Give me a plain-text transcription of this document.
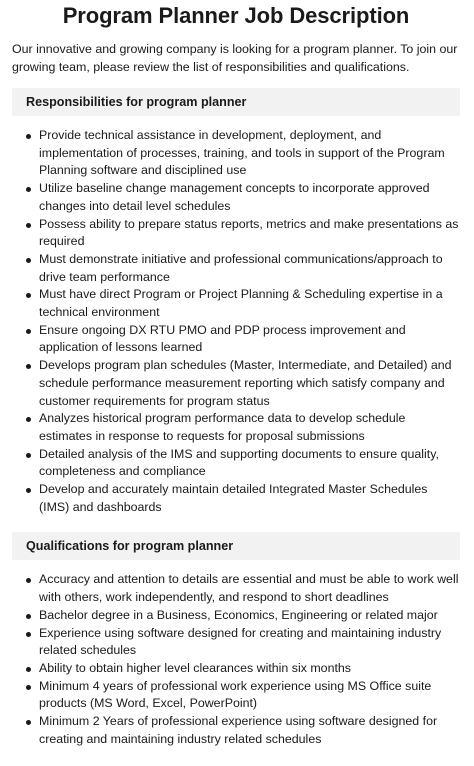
Program Planner Job Description

Our innovative and growing company is looking for a program planner. To join our growing team, please review the list of responsibilities and qualifications.

Responsibilities for program planner
Provide technical assistance in development, deployment, and implementation of processes, training, and tools in support of the Program Planning software and disciplined use
Utilize baseline change management concepts to incorporate approved changes into detail level schedules
Possess ability to prepare status reports, metrics and make presentations as required
Must demonstrate initiative and professional communications/approach to drive team performance
Must have direct Program or Project Planning & Scheduling expertise in a technical environment
Ensure ongoing DX RTU PMO and PDP process improvement and application of lessons learned
Develops program plan schedules (Master, Intermediate, and Detailed) and schedule performance measurement reporting which satisfy company and customer requirements for program status
Analyzes historical program performance data to develop schedule estimates in response to requests for proposal submissions
Detailed analysis of the IMS and supporting documents to ensure quality, completeness and compliance
Develop and accurately maintain detailed Integrated Master Schedules (IMS) and dashboards
Qualifications for program planner
Accuracy and attention to details are essential and must be able to work well with others, work independently, and respond to short deadlines
Bachelor degree in a Business, Economics, Engineering or related major
Experience using software designed for creating and maintaining industry related schedules
Ability to obtain higher level clearances within six months
Minimum 4 years of professional work experience using MS Office suite products (MS Word, Excel, PowerPoint)
Minimum 2 Years of professional experience using software designed for creating and maintaining industry related schedules
